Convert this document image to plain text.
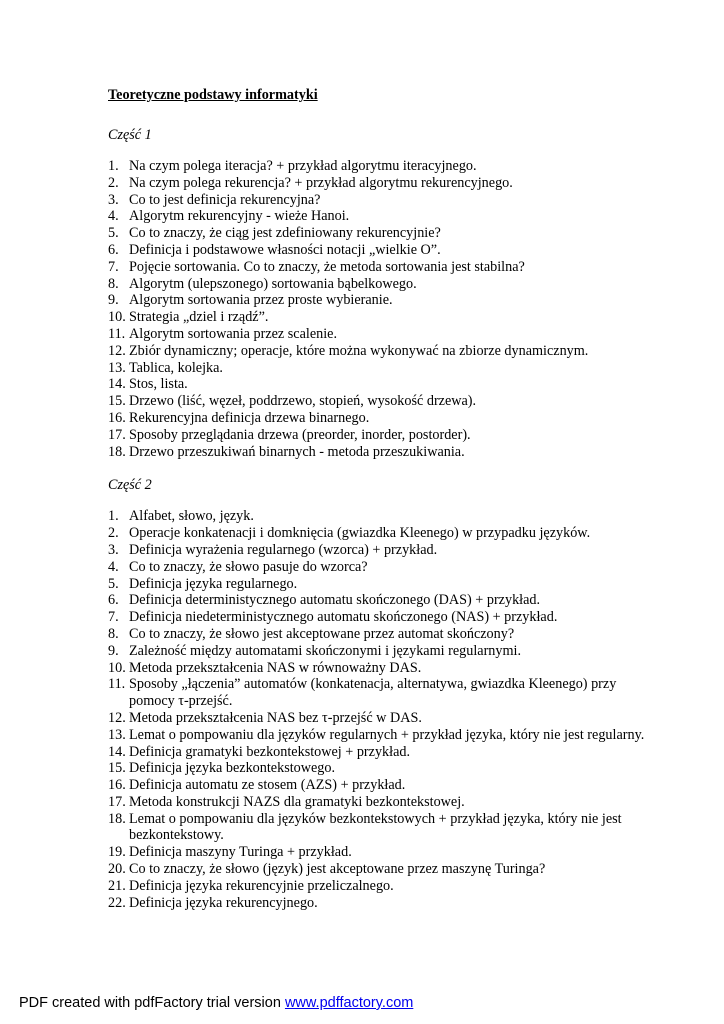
Teoretyczne podstawy informatyki

Część 1

1. Na czym polega iteracja? + przykład algorytmu iteracyjnego.
2. Na czym polega rekurencja? + przykład algorytmu rekurencyjnego.
3. Co to jest definicja rekurencyjna?
4. Algorytm rekurencyjny - wieże Hanoi.
5. Co to znaczy, że ciąg jest zdefiniowany rekurencyjnie?
6. Definicja i podstawowe własności notacji „wielkie O”.
7. Pojęcie sortowania. Co to znaczy, że metoda sortowania jest stabilna?
8. Algorytm (ulepszonego) sortowania bąbelkowego.
9. Algorytm sortowania przez proste wybieranie.
10. Strategia „dziel i rządź”.
11. Algorytm sortowania przez scalenie.
12. Zbiór dynamiczny; operacje, które można wykonywać na zbiorze dynamicznym.
13. Tablica, kolejka.
14. Stos, lista.
15. Drzewo (liść, węzeł, poddrzewo, stopień, wysokość drzewa).
16. Rekurencyjna definicja drzewa binarnego.
17. Sposoby przeglądania drzewa (preorder, inorder, postorder).
18. Drzewo przeszukiwań binarnych - metoda przeszukiwania.

Część 2

1. Alfabet, słowo, język.
2. Operacje konkatenacji i domknięcia (gwiazdka Kleenego) w przypadku języków.
3. Definicja wyrażenia regularnego (wzorca) + przykład.
4. Co to znaczy, że słowo pasuje do wzorca?
5. Definicja języka regularnego.
6. Definicja deterministycznego automatu skończonego (DAS) + przykład.
7. Definicja niedeterministycznego automatu skończonego (NAS) + przykład.
8. Co to znaczy, że słowo jest akceptowane przez automat skończony?
9. Zależność między automatami skończonymi i językami regularnymi.
10. Metoda przekształcenia NAS w równoważny DAS.
11. Sposoby „łączenia” automatów (konkatenacja, alternatywa, gwiazdka Kleenego) przy pomocy τ-przejść.
12. Metoda przekształcenia NAS bez τ-przejść w DAS.
13. Lemat o pompowaniu dla języków regularnych + przykład języka, który nie jest regularny.
14. Definicja gramatyki bezkontekstowej + przykład.
15. Definicja języka bezkontekstowego.
16. Definicja automatu ze stosem (AZS) + przykład.
17. Metoda konstrukcji NAZS dla gramatyki bezkontekstowej.
18. Lemat o pompowaniu dla języków bezkontekstowych + przykład języka, który nie jest bezkontekstowy.
19. Definicja maszyny Turinga + przykład.
20. Co to znaczy, że słowo (język) jest akceptowane przez maszynę Turinga?
21. Definicja języka rekurencyjnie przeliczalnego.
22. Definicja języka rekurencyjnego.
PDF created with pdfFactory trial version www.pdffactory.com
